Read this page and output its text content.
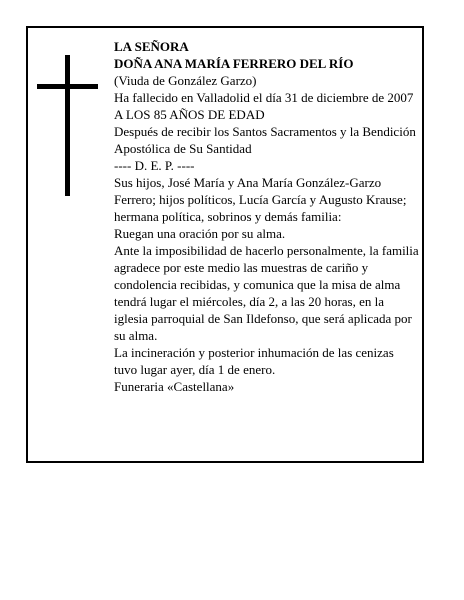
LA SEÑORA

DOÑA ANA MARÍA FERRERO DEL RÍO

(Viuda de González Garzo)

Ha fallecido en Valladolid el día 31 de diciembre de 2007

A LOS 85 AÑOS DE EDAD

Después de recibir los Santos Sacramentos y la Bendición Apostólica de Su Santidad

---- D. E. P. ----

Sus hijos, José María y Ana María González-Garzo Ferrero; hijos políticos, Lucía García y Augusto Krause; hermana política, sobrinos y demás familia:

Ruegan una oración por su alma.

Ante la imposibilidad de hacerlo personalmente, la familia agradece por este medio las muestras de cariño y condolencia recibidas, y comunica que la misa de alma tendrá lugar el miércoles, día 2, a las 20 horas, en la iglesia parroquial de San Ildefonso, que será aplicada por su alma.

La incineración y posterior inhumación de las cenizas tuvo lugar ayer, día 1 de enero.

Funeraria «Castellana»
